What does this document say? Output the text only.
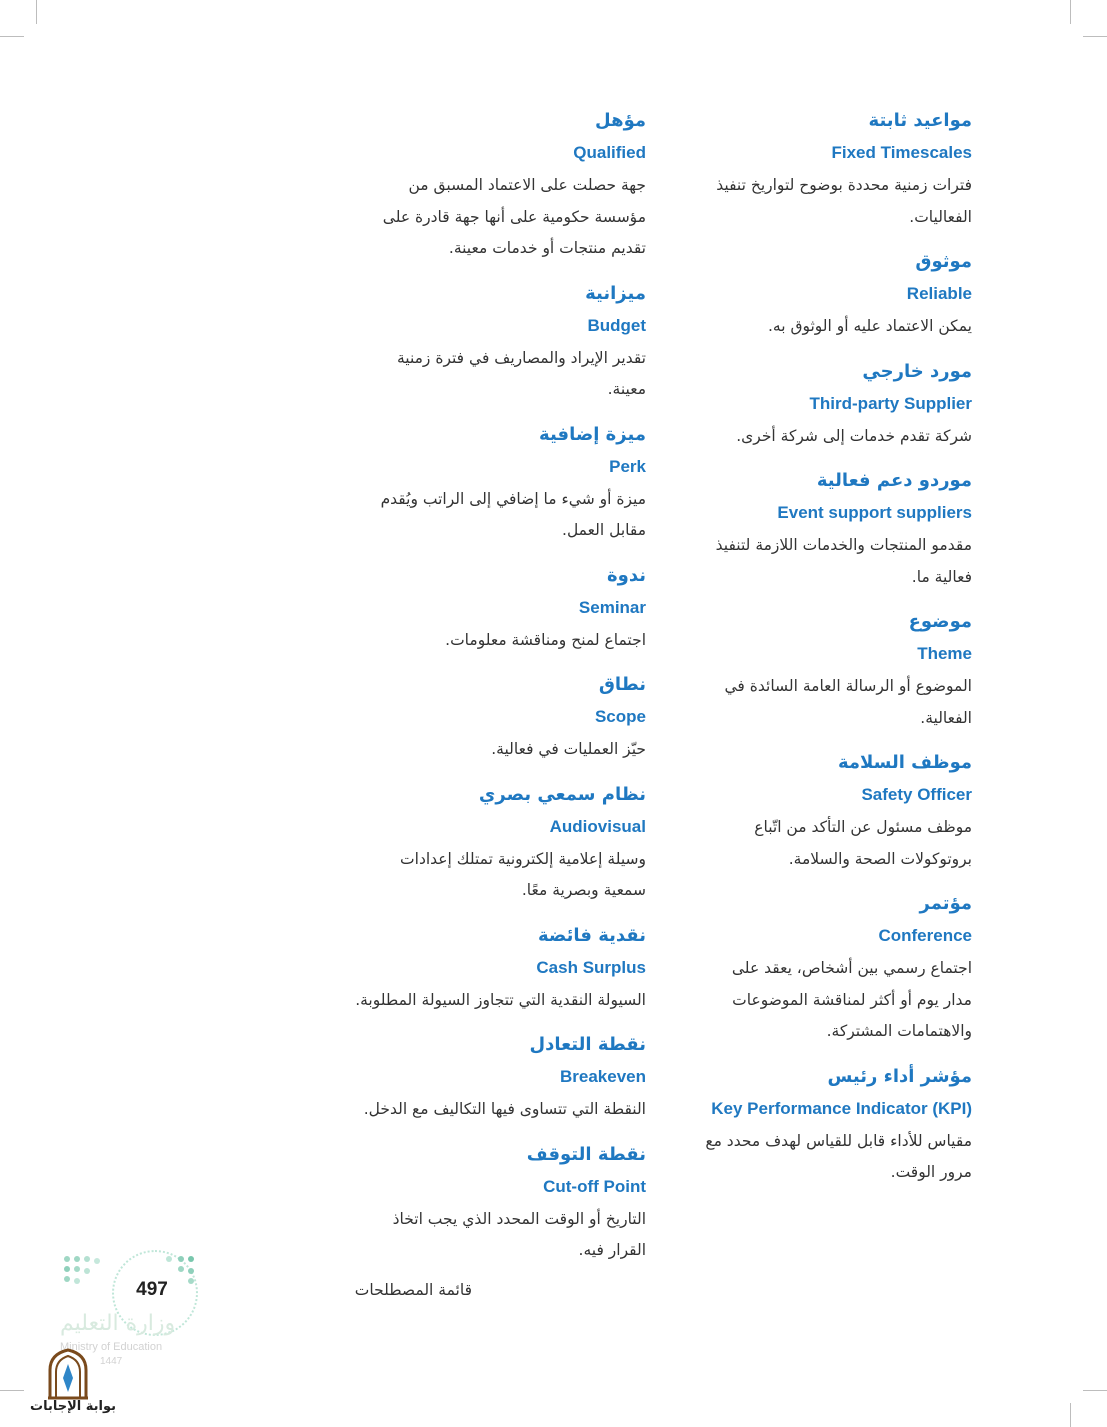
مواعيد ثابتة
Fixed Timescales
فترات زمنية محددة بوضوح لتواريخ تنفيذ
الفعاليات.
موثوق
Reliable
يمكن الاعتماد عليه أو الوثوق به.
مورد خارجي
Third-party Supplier
شركة تقدم خدمات إلى شركة أخرى.
موردو دعم فعالية
Event support suppliers
مقدمو المنتجات والخدمات اللازمة لتنفيذ
فعالية ما.
موضوع
Theme
الموضوع أو الرسالة العامة السائدة في
الفعالية.
موظف السلامة
Safety Officer
موظف مسئول عن التأكد من اتّباع
بروتوكولات الصحة والسلامة.
مؤتمر
Conference
اجتماع رسمي بين أشخاص، يعقد على
مدار يوم أو أكثر لمناقشة الموضوعات
والاهتمامات المشتركة.
مؤشر أداء رئيس
Key Performance Indicator (KPI)
مقياس للأداء قابل للقياس لهدف محدد مع
مرور الوقت.
مؤهل
Qualified
جهة حصلت على الاعتماد المسبق من
مؤسسة حكومية على أنها جهة قادرة على
تقديم منتجات أو خدمات معينة.
ميزانية
Budget
تقدير الإيراد والمصاريف في فترة زمنية
معينة.
ميزة إضافية
Perk
ميزة أو شيء ما إضافي إلى الراتب ويُقدم
مقابل العمل.
ندوة
Seminar
اجتماع لمنح ومناقشة معلومات.
نطاق
Scope
حيّز العمليات في فعالية.
نظام سمعي بصري
Audiovisual
وسيلة إعلامية إلكترونية تمتلك إعدادات
سمعية وبصرية معًا.
نقدية فائضة
Cash Surplus
السيولة النقدية التي تتجاوز السيولة المطلوبة.
نقطة التعادل
Breakeven
النقطة التي تتساوى فيها التكاليف مع الدخل.
نقطة التوقف
Cut-off Point
التاريخ أو الوقت المحدد الذي يجب اتخاذ
القرار فيه.
قائمة المصطلحات
497
وزارة التعليم
Ministry of Education
1447
بوابة الإجابات
